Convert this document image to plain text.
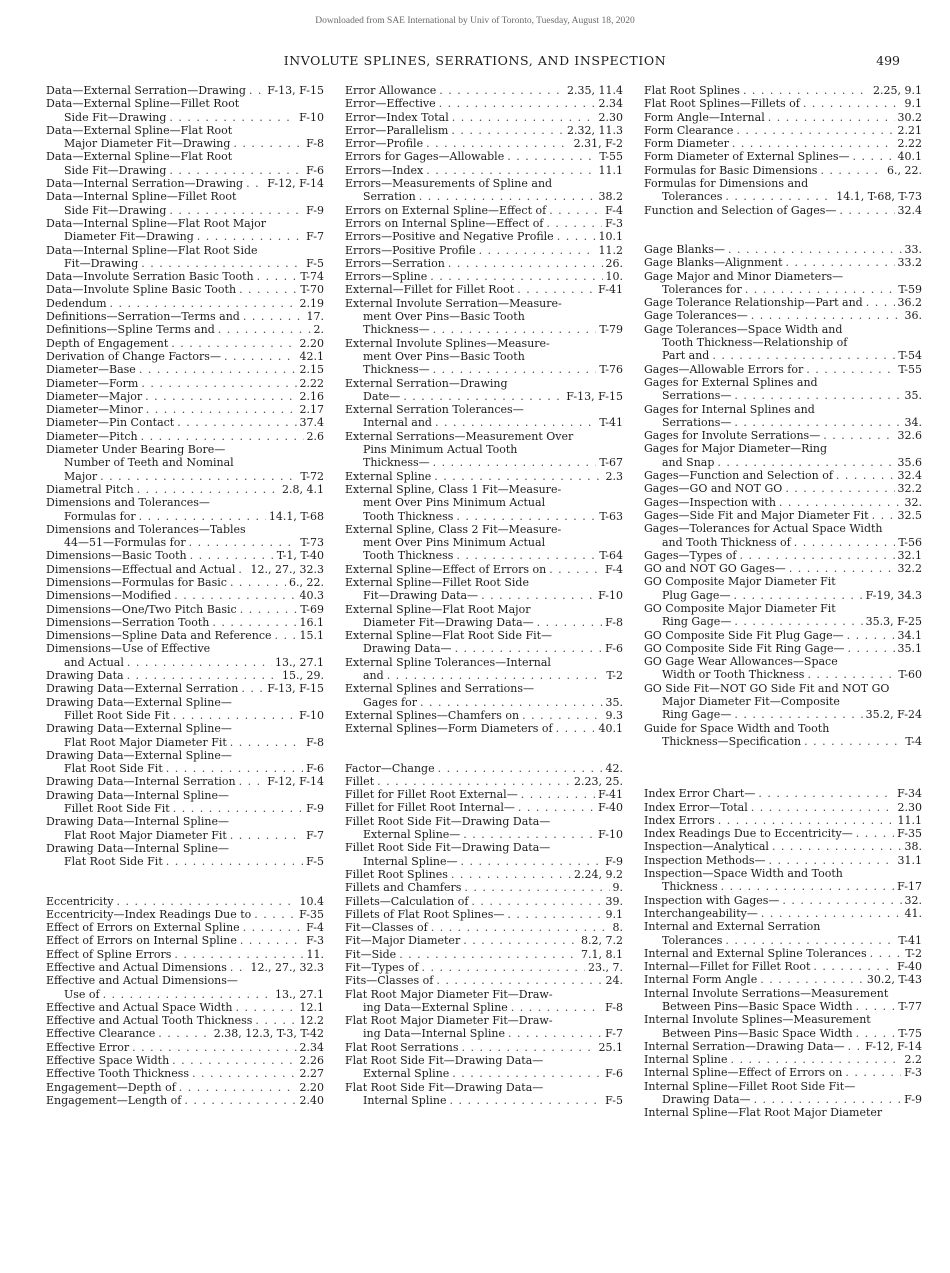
Downloaded from SAE International by Univ of Toronto, Tuesday, August 18, 2020
INVOLUTE SPLINES, SERRATIONS, AND INSPECTION	499
Data—External Serration—Drawing . . . F-13, F-15
Data—External Spline—Fillet Root
Side Fit—Drawing . . .	F-10
Data—External Spline—Flat Root
Major Diameter Fit—Drawing . . .	F-8
Data—External Spline—Flat Root
Side Fit—Drawing . . .	F-6
Data—Internal Serration—Drawing . . . F-12, F-14
Data—Internal Spline—Fillet Root
Side Fit—Drawing . . .	F-9
Data—Internal Spline—Flat Root Major
Diameter Fit—Drawing . . .	F-7
Data—Internal Spline—Flat Root Side
Fit—Drawing . . .	F-5
Data—Involute Serration Basic Tooth . . .	T-74
Data—Involute Spline Basic Tooth . . .	T-70
Dedendum . . .	2.19
Definitions—Serration—Terms and . . .	17.
Definitions—Spline Terms and . . .	2.
Depth of Engagement . . .	2.20
Derivation of Change Factors— . . .	42.1
Diameter—Base . . .	2.15
Diameter—Form . . .	2.22
Diameter—Major . . .	2.16
Diameter—Minor . . .	2.17
Diameter—Pin Contact . . .	37.4
Diameter—Pitch . . .	2.6
Diameter Under Bearing Bore—
Number of Teeth and Nominal
Major . . .	T-72
Diametral Pitch . . .	2.8, 4.1
Dimensions and Tolerances—
Formulas for . . .	14.1, T-68
Dimensions and Tolerances—Tables
44—51—Formulas for . . .	T-73
Dimensions—Basic Tooth . . .	T-1, T-40
Dimensions—Effectual and Actual . . . 12., 27., 32.3
Dimensions—Formulas for Basic . . .	6., 22.
Dimensions—Modified . . .	40.3
Dimensions—One/Two Pitch Basic . . .	T-69
Dimensions—Serration Tooth . . .	16.1
Dimensions—Spline Data and Reference . . .	15.1
Dimensions—Use of Effective
and Actual . . .	13., 27.1
Drawing Data . . .	15., 29.
Drawing Data—External Serration . . .	F-13, F-15
Drawing Data—External Spline—
Fillet Root Side Fit . . .	F-10
Drawing Data—External Spline—
Flat Root Major Diameter Fit . . .	F-8
Drawing Data—External Spline—
Flat Root Side Fit . . .	F-6
Drawing Data—Internal Serration . . .	F-12, F-14
Drawing Data—Internal Spline—
Fillet Root Side Fit . . .	F-9
Drawing Data—Internal Spline—
Flat Root Major Diameter Fit . . .	F-7
Drawing Data—Internal Spline—
Flat Root Side Fit . . .	F-5
Eccentricity . . .	10.4
Eccentricity—Index Readings Due to . . .	F-35
Effect of Errors on External Spline . . .	F-4
Effect of Errors on Internal Spline . . .	F-3
Effect of Spline Errors . . .	11.
Effective and Actual Dimensions . . . 12., 27., 32.3
Effective and Actual Dimensions—
Use of . . .	13., 27.1
Effective and Actual Space Width . . .	12.1
Effective and Actual Tooth Thickness . . .	12.2
Effective Clearance . . .	2.38, 12.3, T-3, T-42
Effective Error . . .	2.34
Effective Space Width . . .	2.26
Effective Tooth Thickness . . .	2.27
Engagement—Depth of . . .	2.20
Engagement—Length of . . .	2.40
Error Allowance . . .	2.35, 11.4
Error—Effective . . .	2.34
Error—Index Total . . .	2.30
Error—Parallelism . . .	2.32, 11.3
Error—Profile . . .	2.31, F-2
Errors for Gages—Allowable . . .	T-55
Errors—Index . . .	11.1
Errors—Measurements of Spline and
Serration . . .	38.2
Errors on External Spline—Effect of . . .	F-4
Errors on Internal Spline—Effect of . . .	F-3
Errors—Positive and Negative Profile . . .	10.1
Errors—Positive Profile . . .	11.2
Errors—Serration . . .	26.
Errors—Spline . . .	10.
External—Fillet for Fillet Root . . .	F-41
External Involute Serration—Measure-
ment Over Pins—Basic Tooth
Thickness— . . .	T-79
External Involute Splines—Measure-
ment Over Pins—Basic Tooth
Thickness— . . .	T-76
External Serration—Drawing
Date— . . .	F-13, F-15
External Serration Tolerances—
Internal and . . .	T-41
External Serrations—Measurement Over
Pins Minimum Actual Tooth
Thickness— . . .	T-67
External Spline . . .	2.3
External Spline, Class 1 Fit—Measure-
ment Over Pins Minimum Actual
Tooth Thickness . . .	T-63
External Spline, Class 2 Fit—Measure-
ment Over Pins Minimum Actual
Tooth Thickness . . .	T-64
External Spline—Effect of Errors on . . .	F-4
External Spline—Fillet Root Side
Fit—Drawing Data— . . .	F-10
External Spline—Flat Root Major
Diameter Fit—Drawing Data— . . .	F-8
External Spline—Flat Root Side Fit—
Drawing Data— . . .	F-6
External Spline Tolerances—Internal
and . . .	T-2
External Splines and Serrations—
Gages for . . .	35.
External Splines—Chamfers on . . .	9.3
External Splines—Form Diameters of . . .	40.1
Factor—Change . . .	42.
Fillet . . .	2.23, 25.
Fillet for Fillet Root External— . . .	F-41
Fillet for Fillet Root Internal— . . .	F-40
Fillet Root Side Fit—Drawing Data—
External Spline— . . .	F-10
Fillet Root Side Fit—Drawing Data—
Internal Spline— . . .	F-9
Fillet Root Splines . . .	2.24, 9.2
Fillets and Chamfers . . .	9.
Fillets—Calculation of . . .	39.
Fillets of Flat Root Splines— . . .	9.1
Fit—Classes of . . .	8.
Fit—Major Diameter . . .	8.2, 7.2
Fit—Side . . .	7.1, 8.1
Fit—Types of . . .	23., 7.
Fits—Classes of . . .	24.
Flat Root Major Diameter Fit—Draw-
ing Data—External Spline . . .	F-8
Flat Root Major Diameter Fit—Draw-
ing Data—Internal Spline . . .	F-7
Flat Root Serrations . . .	25.1
Flat Root Side Fit—Drawing Data—
External Spline . . .	F-6
Flat Root Side Fit—Drawing Data—
Internal Spline . . .	F-5
Flat Root Splines . . .	2.25, 9.1
Flat Root Splines—Fillets of . . .	9.1
Form Angle—Internal . . .	30.2
Form Clearance . . .	2.21
Form Diameter . . .	2.22
Form Diameter of External Splines— . . .	40.1
Formulas for Basic Dimensions . . .	6., 22.
Formulas for Dimensions and
Tolerances . . .	14.1, T-68, T-73
Function and Selection of Gages— . . .	32.4
Gage Blanks— . . .	33.
Gage Blanks—Alignment . . .	33.2
Gage Major and Minor Diameters—
Tolerances for . . .	T-59
Gage Tolerance Relationship—Part and . . .	36.2
Gage Tolerances— . . .	36.
Gage Tolerances—Space Width and
Tooth Thickness—Relationship of
Part and . . .	T-54
Gages—Allowable Errors for . . .	T-55
Gages for External Splines and
Serrations— . . .	35.
Gages for Internal Splines and
Serrations— . . .	34.
Gages for Involute Serrations— . . .	32.6
Gages for Major Diameter—Ring
and Snap . . .	35.6
Gages—Function and Selection of . . .	32.4
Gages—GO and NOT GO . . .	32.2
Gages—Inspection with . . .	32.
Gages—Side Fit and Major Diameter Fit . . .	32.5
Gages—Tolerances for Actual Space Width
and Tooth Thickness of . . .	T-56
Gages—Types of . . .	32.1
GO and NOT GO Gages— . . .	32.2
GO Composite Major Diameter Fit
Plug Gage— . . .	F-19, 34.3
GO Composite Major Diameter Fit
Ring Gage— . . .	35.3, F-25
GO Composite Side Fit Plug Gage— . . .	34.1
GO Composite Side Fit Ring Gage— . . .	35.1
GO Gage Wear Allowances—Space
Width or Tooth Thickness . . .	T-60
GO Side Fit—NOT GO Side Fit and NOT GO
Major Diameter Fit—Composite
Ring Gage— . . .	35.2, F-24
Guide for Space Width and Tooth
Thickness—Specification . . .	T-4
Index Error Chart— . . .	F-34
Index Error—Total . . .	2.30
Index Errors . . .	11.1
Index Readings Due to Eccentricity— . . .	F-35
Inspection—Analytical . . .	38.
Inspection Methods— . . .	31.1
Inspection—Space Width and Tooth
Thickness . . .	F-17
Inspection with Gages— . . .	32.
Interchangeability— . . .	41.
Internal and External Serration
Tolerances . . .	T-41
Internal and External Spline Tolerances . . .	T-2
Internal—Fillet for Fillet Root . . .	F-40
Internal Form Angle . . .	30.2, T-43
Internal Involute Serrations—Measurement
Between Pins—Basic Space Width . . .	T-77
Internal Involute Splines—Measurement
Between Pins—Basic Space Width . . .	T-75
Internal Serration—Drawing Data— . . . F-12, F-14
Internal Spline . . .	2.2
Internal Spline—Effect of Errors on . . .	F-3
Internal Spline—Fillet Root Side Fit—
Drawing Data— . . .	F-9
Internal Spline—Flat Root Major Diameter
